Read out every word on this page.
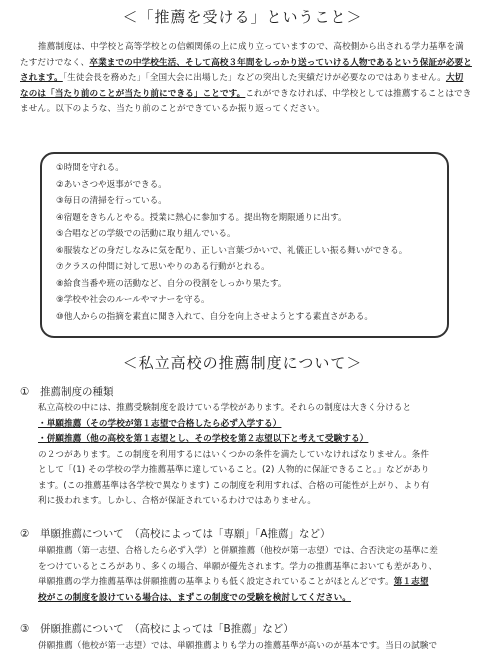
＜「推薦を受ける」ということ＞
推薦制度は、中学校と高等学校との信頼関係の上に成り立っていますので、高校側から出される学力基準を満たすだけでなく、卒業までの中学校生活、そして高校３年間をしっかり送っていける人物であるという保証が必要とされます。「生徒会長を務めた」「全国大会に出場した」などの突出した実績だけが必要なのではありません。大切なのは「当たり前のことが当たり前にできる」ことです。これができなければ、中学校としては推薦することはできません。以下のような、当たり前のことができているか振り返ってください。
①時間を守れる。
②あいさつや返事ができる。
③毎日の清掃を行っている。
④宿題をきちんとやる。授業に熱心に参加する。提出物を期限通りに出す。
⑤合唱などの学級での活動に取り組んでいる。
⑥服装などの身だしなみに気を配り、正しい言葉づかいで、礼儀正しい振る舞いができる。
⑦クラスの仲間に対して思いやりのある行動がとれる。
⑧給食当番や班の活動など、自分の役割をしっかり果たす。
⑨学校や社会のルールやマナーを守る。
⑩他人からの指摘を素直に聞き入れて、自分を向上させようとする素直さがある。
＜私立高校の推薦制度について＞
① 推薦制度の種類
私立高校の中には、推薦受験制度を設けている学校があります。それらの制度は大きく分けると
・単願推薦（その学校が第１志望で合格したら必ず入学する）
・併願推薦（他の高校を第１志望とし、その学校を第２志望以下と考えて受験する）
の２つがあります。この制度を利用するにはいくつかの条件を満たしていなければなりません。条件
として「(1) その学校の学力推薦基準に達していること。(2) 人物的に保証できること。」などがあり
ます。(この推薦基準は各学校で異なります) この制度を利用すれば、合格の可能性が上がり、より有
利に扱われます。しかし、合格が保証されているわけではありません。
② 単願推薦について　（高校によっては「専願」「A推薦」など）
単願推薦（第一志望、合格したら必ず入学）と併願推薦（他校が第一志望）では、合否決定の基準に差
をつけているところがあり、多くの場合、単願が優先されます。学力の推薦基準においても差があり、
単願推薦の学力推薦基準は併願推薦の基準よりも低く設定されていることがほとんどです。第１志望
校がこの制度を設けている場合は、まずこの制度での受験を検討してください。
③ 併願推薦について　（高校によっては「B推薦」など）
併願推薦（他校が第一志望）では、単願推薦よりも学力の推薦基準が高いのが基本です。当日の試験で
